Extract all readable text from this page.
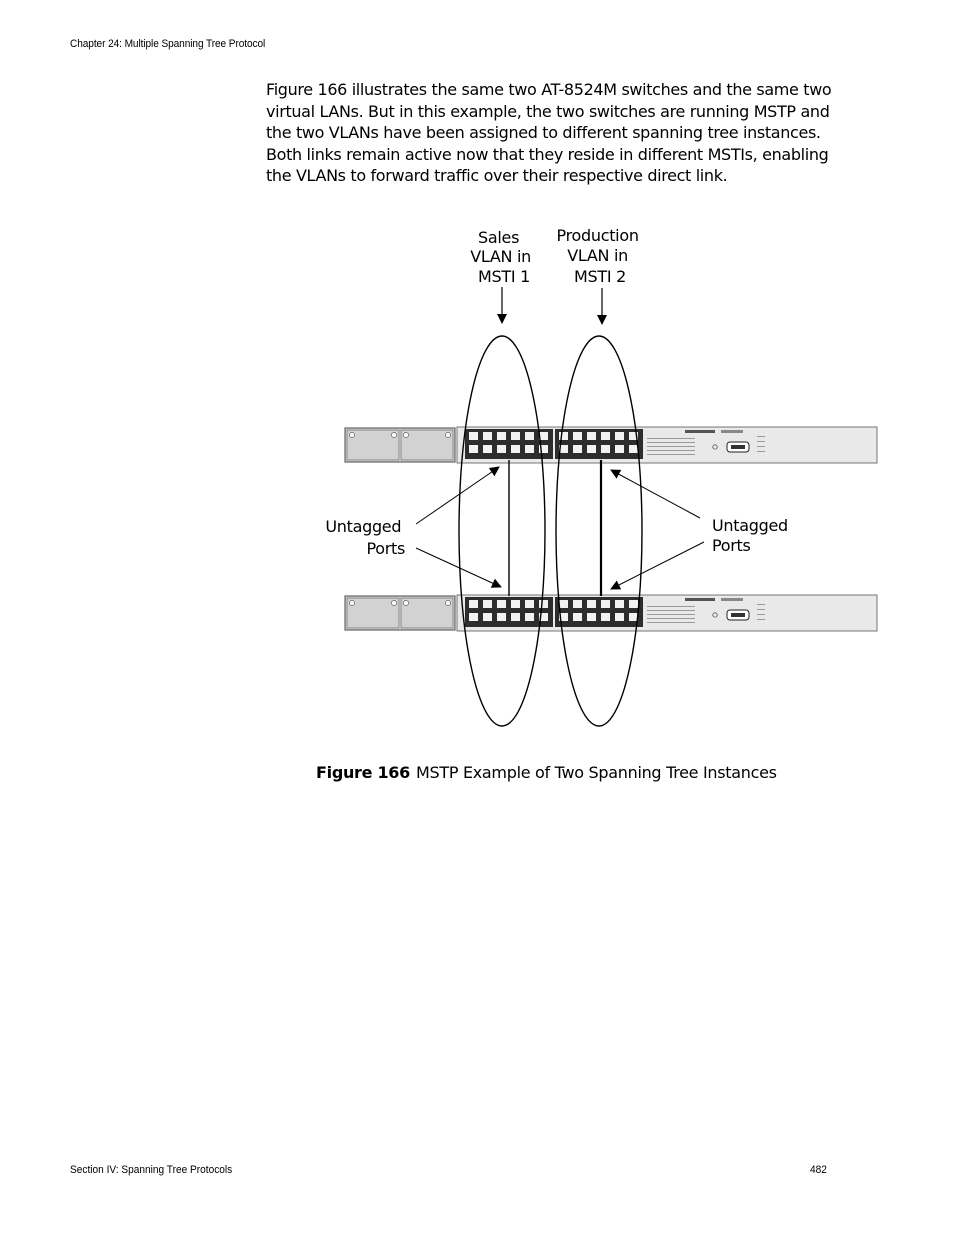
Chapter 24: Multiple Spanning Tree Protocol

Figure 166 illustrates the same two AT-8524M switches and the same two virtual LANs. But in this example, the two switches are running MSTP and the two VLANs have been assigned to different spanning tree instances. Both links remain active now that they reside in different MSTIs, enabling the VLANs to forward traffic over their respective direct link.

Sales VLAN in MSTI 1
Production VLAN in MSTI 2
Untagged Ports
Untagged Ports
Figure 166 MSTP Example of Two Spanning Tree Instances
Section IV: Spanning Tree Protocols	482
